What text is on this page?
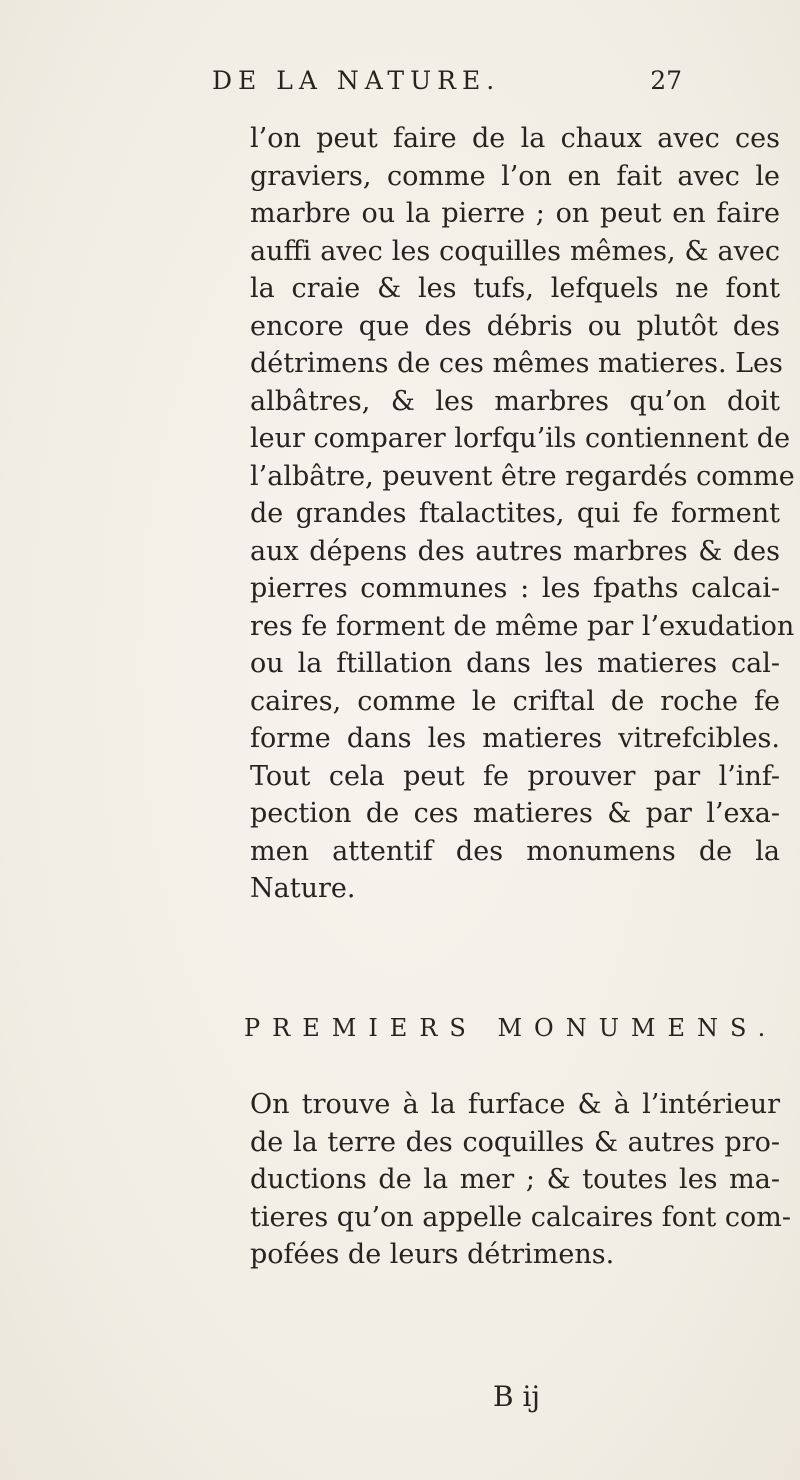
DE LA NATURE.	27
l’on peut faire de la chaux avec ces
graviers, comme l’on en fait avec le
marbre ou la pierre ; on peut en faire
auffi avec les coquilles mêmes, & avec
la craie & les tufs, lefquels ne font
encore que des débris ou plutôt des
détrimens de ces mêmes matieres. Les
albâtres, & les marbres qu’on doit
leur comparer lorfqu’ils contiennent de
l’albâtre, peuvent être regardés comme
de grandes ftalactites, qui fe forment
aux dépens des autres marbres & des
pierres communes : les fpaths calcai-
res fe forment de même par l’exudation
ou la ftillation dans les matieres cal-
caires, comme le criftal de roche fe
forme dans les matieres vitrefcibles.
Tout cela peut fe prouver par l’inf-
pection de ces matieres & par l’exa-
men attentif des monumens de la
Nature.
PREMIERS MONUMENS.
On trouve à la furface & à l’intérieur
de la terre des coquilles & autres pro-
ductions de la mer ; & toutes les ma-
tieres qu’on appelle calcaires font com-
pofées de leurs détrimens.
B ij
